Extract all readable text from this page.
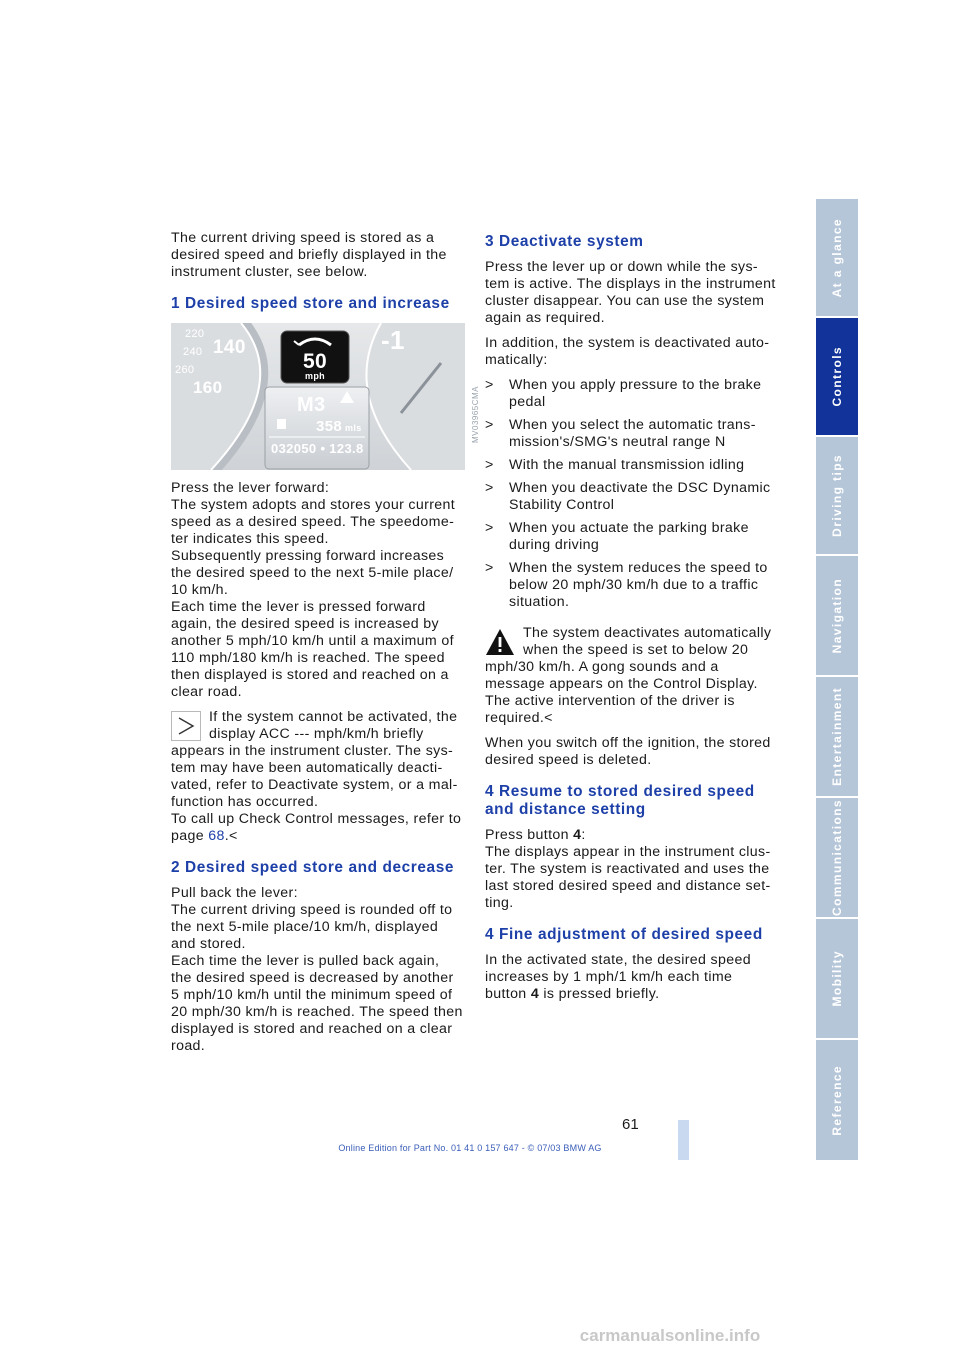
The current driving speed is stored as a desired speed and briefly displayed in the instrument cluster, see below.

1 Desired speed store and increase
220
240
260
140
160
-1
50
mph
M3
358 mls
032050 • 123.8
MV03965CMA

Press the lever forward:

The system adopts and stores your current speed as a desired speed. The speedometer indicates this speed.

Subsequently pressing forward increases the desired speed to the next 5-mile place/ 10 km/h.

Each time the lever is pressed forward again, the desired speed is increased by another 5 mph/10 km/h until a maximum of 110 mph/180 km/h is reached. The speed then displayed is stored and reached on a clear road.

If the system cannot be activated, the display ACC --- mph/km/h briefly appears in the instrument cluster. The system may have been automatically deactivated, refer to Deactivate system, or a malfunction has occurred.

To call up Check Control messages, refer to page 68.<

2 Desired speed store and decrease

Pull back the lever:

The current driving speed is rounded off to the next 5-mile place/10 km/h, displayed and stored.

Each time the lever is pulled back again, the desired speed is decreased by another 5 mph/10 km/h until the minimum speed of 20 mph/30 km/h is reached. The speed then displayed is stored and reached on a clear road.

3 Deactivate system

Press the lever up or down while the system is active. The displays in the instrument cluster disappear. You can use the system again as required.

In addition, the system is deactivated automatically:

> When you apply pressure to the brake pedal
> When you select the automatic transmission's/SMG's neutral range N
> With the manual transmission idling
> When you deactivate the DSC Dynamic Stability Control
> When you actuate the parking brake during driving
> When the system reduces the speed to below 20 mph/30 km/h due to a traffic situation.

The system deactivates automatically when the speed is set to below 20 mph/30 km/h. A gong sounds and a message appears on the Control Display. The active intervention of the driver is required.<

When you switch off the ignition, the stored desired speed is deleted.

4 Resume to stored desired speed and distance setting

Press button 4:

The displays appear in the instrument cluster. The system is reactivated and uses the last stored desired speed and distance setting.

4 Fine adjustment of desired speed

In the activated state, the desired speed increases by 1 mph/1 km/h each time button 4 is pressed briefly.

At a glance
Controls
Driving tips
Navigation
Entertainment
Communications
Mobility
Reference
61
Online Edition for Part No. 01 41 0 157 647 - © 07/03 BMW AG
carmanualsonline.info
